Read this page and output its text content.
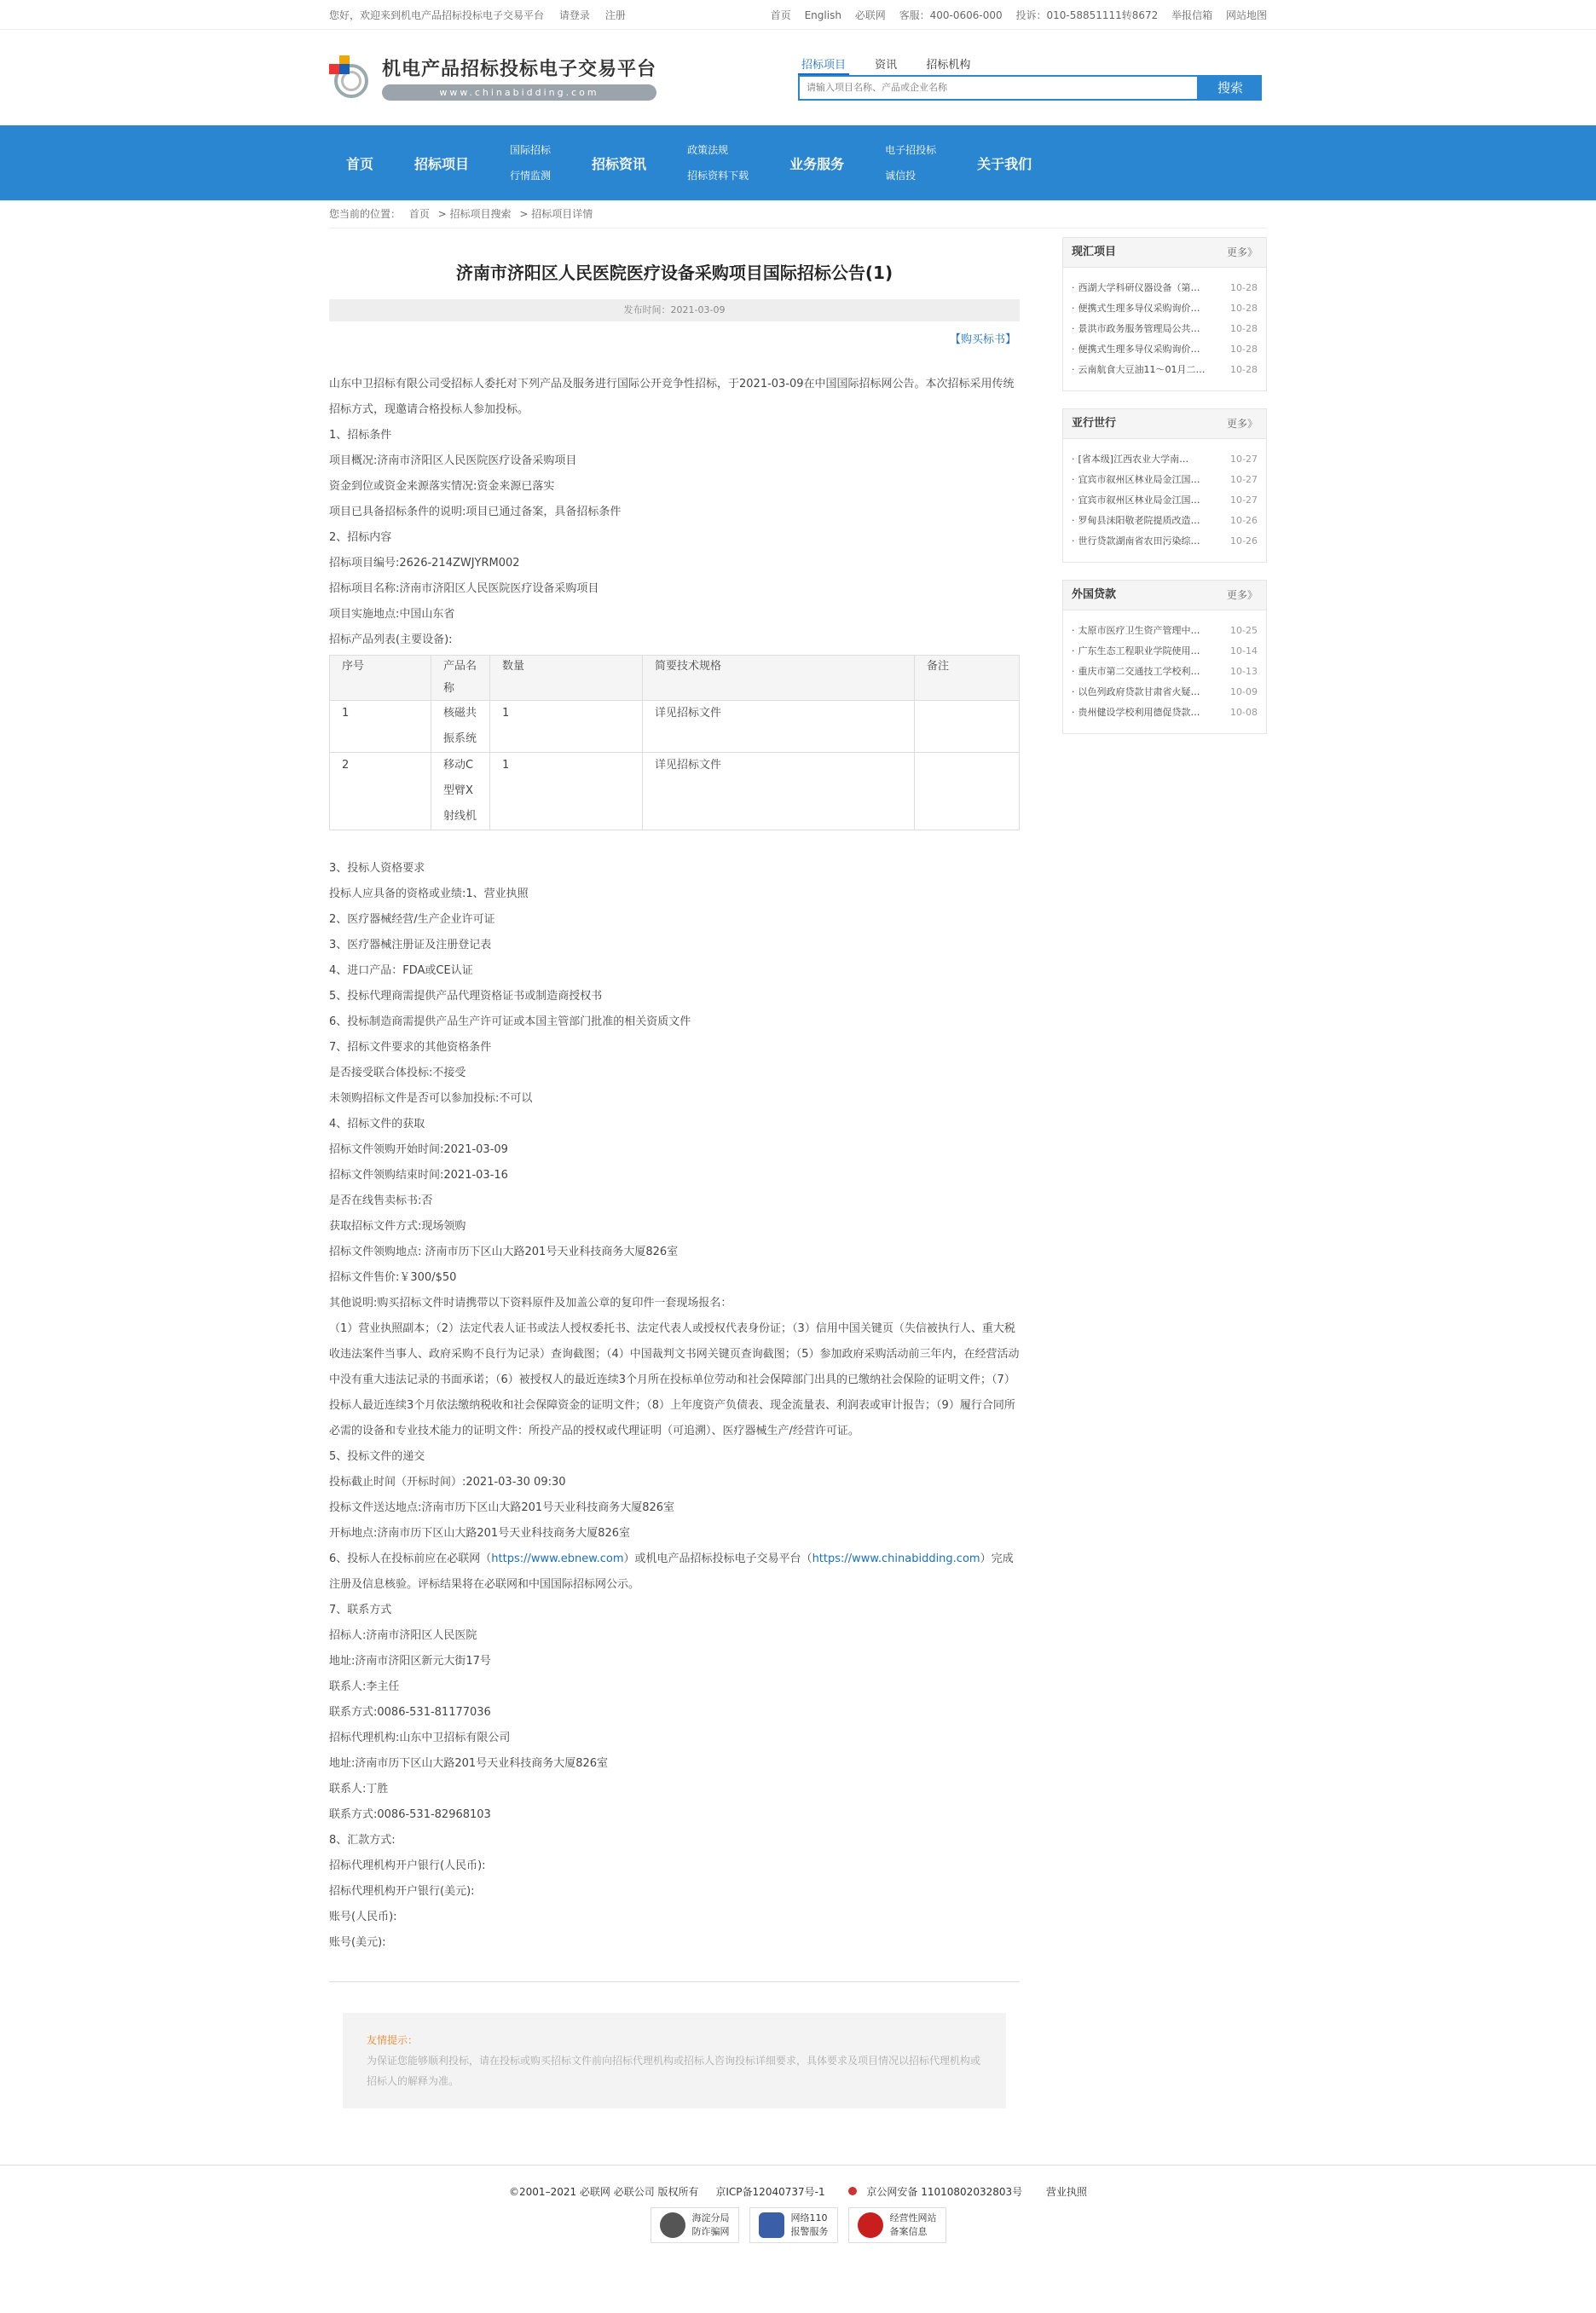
您好，欢迎来到机电产品招标投标电子交易平台 请登录 注册	首页 English 必联网 客服：400-0606-000 投诉：010-58851111转8672 举报信箱 网站地图
机电产品招标投标电子交易平台
www.chinabidding.com
招标项目	资讯	招标机构
请输入项目名称、产品或企业名称
搜索
首页	招标项目
国际招标
行情监测
招标资讯
政策法规
招标资料下载
业务服务
电子招投标
诚信投
关于我们
您当前的位置： 首页 > 招标项目搜索 > 招标项目详情
济南市济阳区人民医院医疗设备采购项目国际招标公告(1)
发布时间：2021-03-09
【购买标书】

山东中卫招标有限公司受招标人委托对下列产品及服务进行国际公开竞争性招标，于2021-03-09在中国国际招标网公告。本次招标采用传统招标方式，现邀请合格投标人参加投标。

1、招标条件

项目概况:济南市济阳区人民医院医疗设备采购项目

资金到位或资金来源落实情况:资金来源已落实

项目已具备招标条件的说明:项目已通过备案，具备招标条件

2、招标内容

招标项目编号:2626-214ZWJYRM002

招标项目名称:济南市济阳区人民医院医疗设备采购项目

项目实施地点:中国山东省

招标产品列表(主要设备):

序号	产品名称	数量	简要技术规格	备注
1	核磁共振系统	1	详见招标文件	
2	移动C型臂X射线机	1	详见招标文件	

3、投标人资格要求

投标人应具备的资格或业绩:1、营业执照

2、医疗器械经营/生产企业许可证

3、医疗器械注册证及注册登记表

4、进口产品：FDA或CE认证

5、投标代理商需提供产品代理资格证书或制造商授权书

6、投标制造商需提供产品生产许可证或本国主管部门批准的相关资质文件

7、招标文件要求的其他资格条件

是否接受联合体投标:不接受

未领购招标文件是否可以参加投标:不可以

4、招标文件的获取

招标文件领购开始时间:2021-03-09

招标文件领购结束时间:2021-03-16

是否在线售卖标书:否

获取招标文件方式:现场领购

招标文件领购地点: 济南市历下区山大路201号天业科技商务大厦826室

招标文件售价:￥300/$50

其他说明:购买招标文件时请携带以下资料原件及加盖公章的复印件一套现场报名：

（1）营业执照副本；（2）法定代表人证书或法人授权委托书、法定代表人或授权代表身份证；（3）信用中国关键页（失信被执行人、重大税收违法案件当事人、政府采购不良行为记录）查询截图；（4）中国裁判文书网关键页查询截图；（5）参加政府采购活动前三年内，在经营活动中没有重大违法记录的书面承诺；（6）被授权人的最近连续3个月所在投标单位劳动和社会保障部门出具的已缴纳社会保险的证明文件；（7）投标人最近连续3个月依法缴纳税收和社会保障资金的证明文件；（8）上年度资产负债表、现金流量表、利润表或审计报告；（9）履行合同所必需的设备和专业技术能力的证明文件：所投产品的授权或代理证明（可追溯）、医疗器械生产/经营许可证。

5、投标文件的递交

投标截止时间（开标时间）:2021-03-30 09:30

投标文件送达地点:济南市历下区山大路201号天业科技商务大厦826室

开标地点:济南市历下区山大路201号天业科技商务大厦826室

6、投标人在投标前应在必联网（https://www.ebnew.com）或机电产品招标投标电子交易平台（https://www.chinabidding.com）完成注册及信息核验。评标结果将在必联网和中国国际招标网公示。

7、联系方式

招标人:济南市济阳区人民医院

地址:济南市济阳区新元大街17号

联系人:李主任

联系方式:0086-531-81177036

招标代理机构:山东中卫招标有限公司

地址:济南市历下区山大路201号天业科技商务大厦826室

联系人:丁胜

联系方式:0086-531-82968103

8、汇款方式:

招标代理机构开户银行(人民币):

招标代理机构开户银行(美元):

账号(人民币):

账号(美元):

友情提示：
为保证您能够顺利投标，请在投标或购买招标文件前向招标代理机构或招标人咨询投标详细要求，具体要求及项目情况以招标代理机构或招标人的解释为准。
现汇项目	更多》
· 西湖大学科研仪器设备（第…	10-28
· 便携式生理多导仪采购询价…	10-28
· 景洪市政务服务管理局公共…	10-28
· 便携式生理多导仪采购询价…	10-28
· 云南航食大豆油11～01月二…	10-28
亚行世行	更多》
· [省本级]江西农业大学南…	10-27
· 宜宾市叙州区林业局金江国…	10-27
· 宜宾市叙州区林业局金江国…	10-27
· 罗甸县沫阳敬老院提质改造…	10-26
· 世行贷款湖南省农田污染综…	10-26
外国贷款	更多》
· 太原市医疗卫生资产管理中…	10-25
· 广东生态工程职业学院使用…	10-14
· 重庆市第二交通技工学校利…	10-13
· 以色列政府贷款甘肃省火疑…	10-09
· 贵州健设学校利用德促贷款…	10-08
©2001–2021 必联网 必联公司 版权所有 京ICP备12040737号-1	京公网安备 11010802032803号 营业执照
海淀分局
防诈骗网
网络110
报警服务
经营性网站
备案信息
